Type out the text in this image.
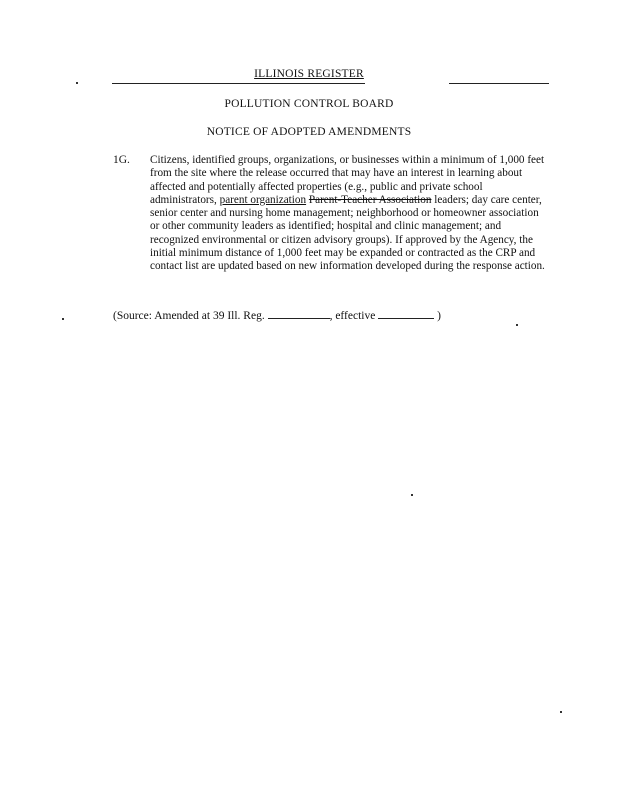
ILLINOIS REGISTER
POLLUTION CONTROL BOARD
NOTICE OF ADOPTED AMENDMENTS
1G. Citizens, identified groups, organizations, or businesses within a minimum of 1,000 feet from the site where the release occurred that may have an interest in learning about affected and potentially affected properties (e.g., public and private school administrators, parent organization Parent-Teacher Association leaders; day care center, senior center and nursing home management; neighborhood or homeowner association or other community leaders as identified; hospital and clinic management; and recognized environmental or citizen advisory groups). If approved by the Agency, the initial minimum distance of 1,000 feet may be expanded or contracted as the CRP and contact list are updated based on new information developed during the response action.
(Source: Amended at 39 Ill. Reg.	, effective	)
